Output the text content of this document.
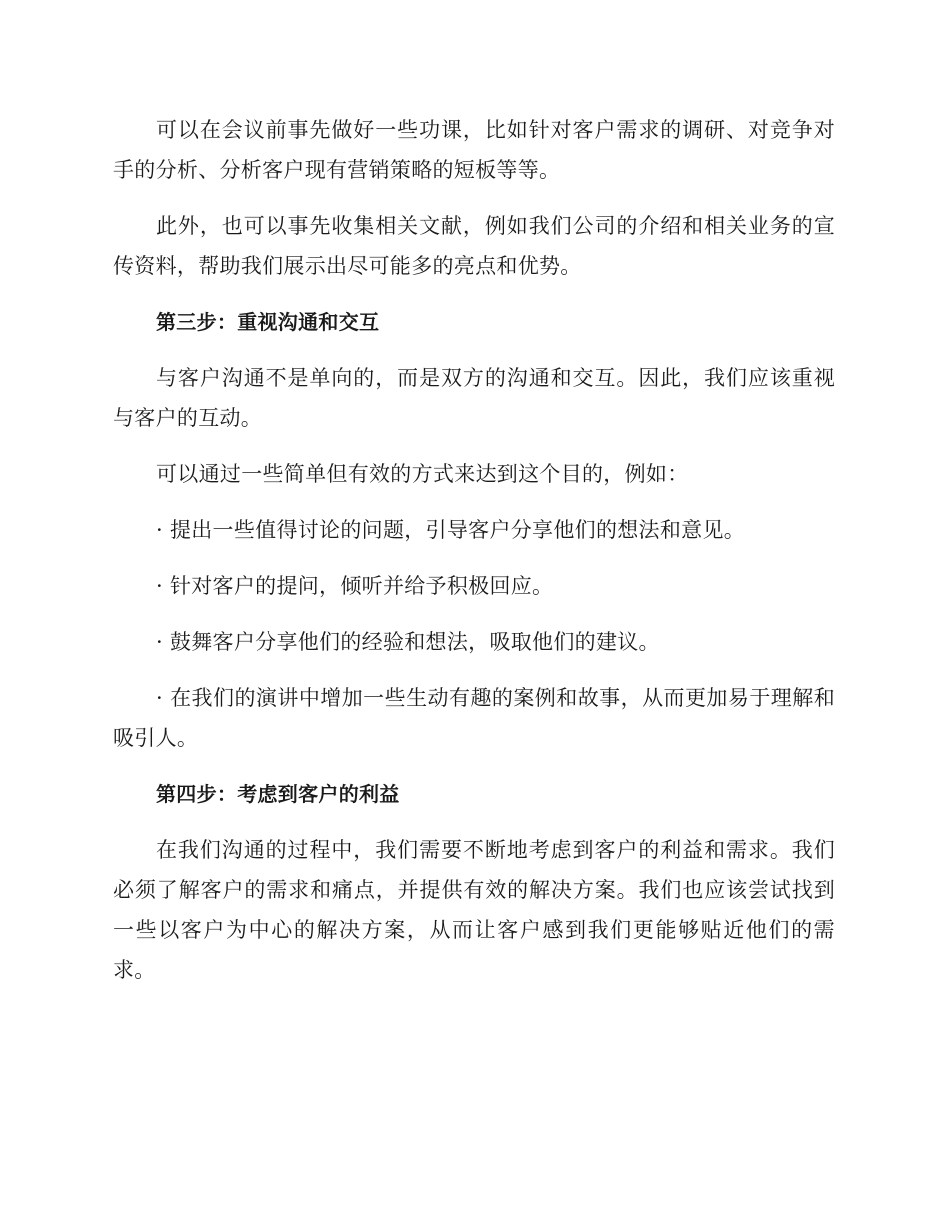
可以在会议前事先做好一些功课，比如针对客户需求的调研、对竞争对手的分析、分析客户现有营销策略的短板等等。

此外，也可以事先收集相关文献，例如我们公司的介绍和相关业务的宣传资料，帮助我们展示出尽可能多的亮点和优势。

第三步：重视沟通和交互

与客户沟通不是单向的，而是双方的沟通和交互。因此，我们应该重视与客户的互动。

可以通过一些简单但有效的方式来达到这个目的，例如：

· 提出一些值得讨论的问题，引导客户分享他们的想法和意见。

· 针对客户的提问，倾听并给予积极回应。

· 鼓舞客户分享他们的经验和想法，吸取他们的建议。

· 在我们的演讲中增加一些生动有趣的案例和故事，从而更加易于理解和吸引人。

第四步：考虑到客户的利益

在我们沟通的过程中，我们需要不断地考虑到客户的利益和需求。我们必须了解客户的需求和痛点，并提供有效的解决方案。我们也应该尝试找到一些以客户为中心的解决方案，从而让客户感到我们更能够贴近他们的需求。
